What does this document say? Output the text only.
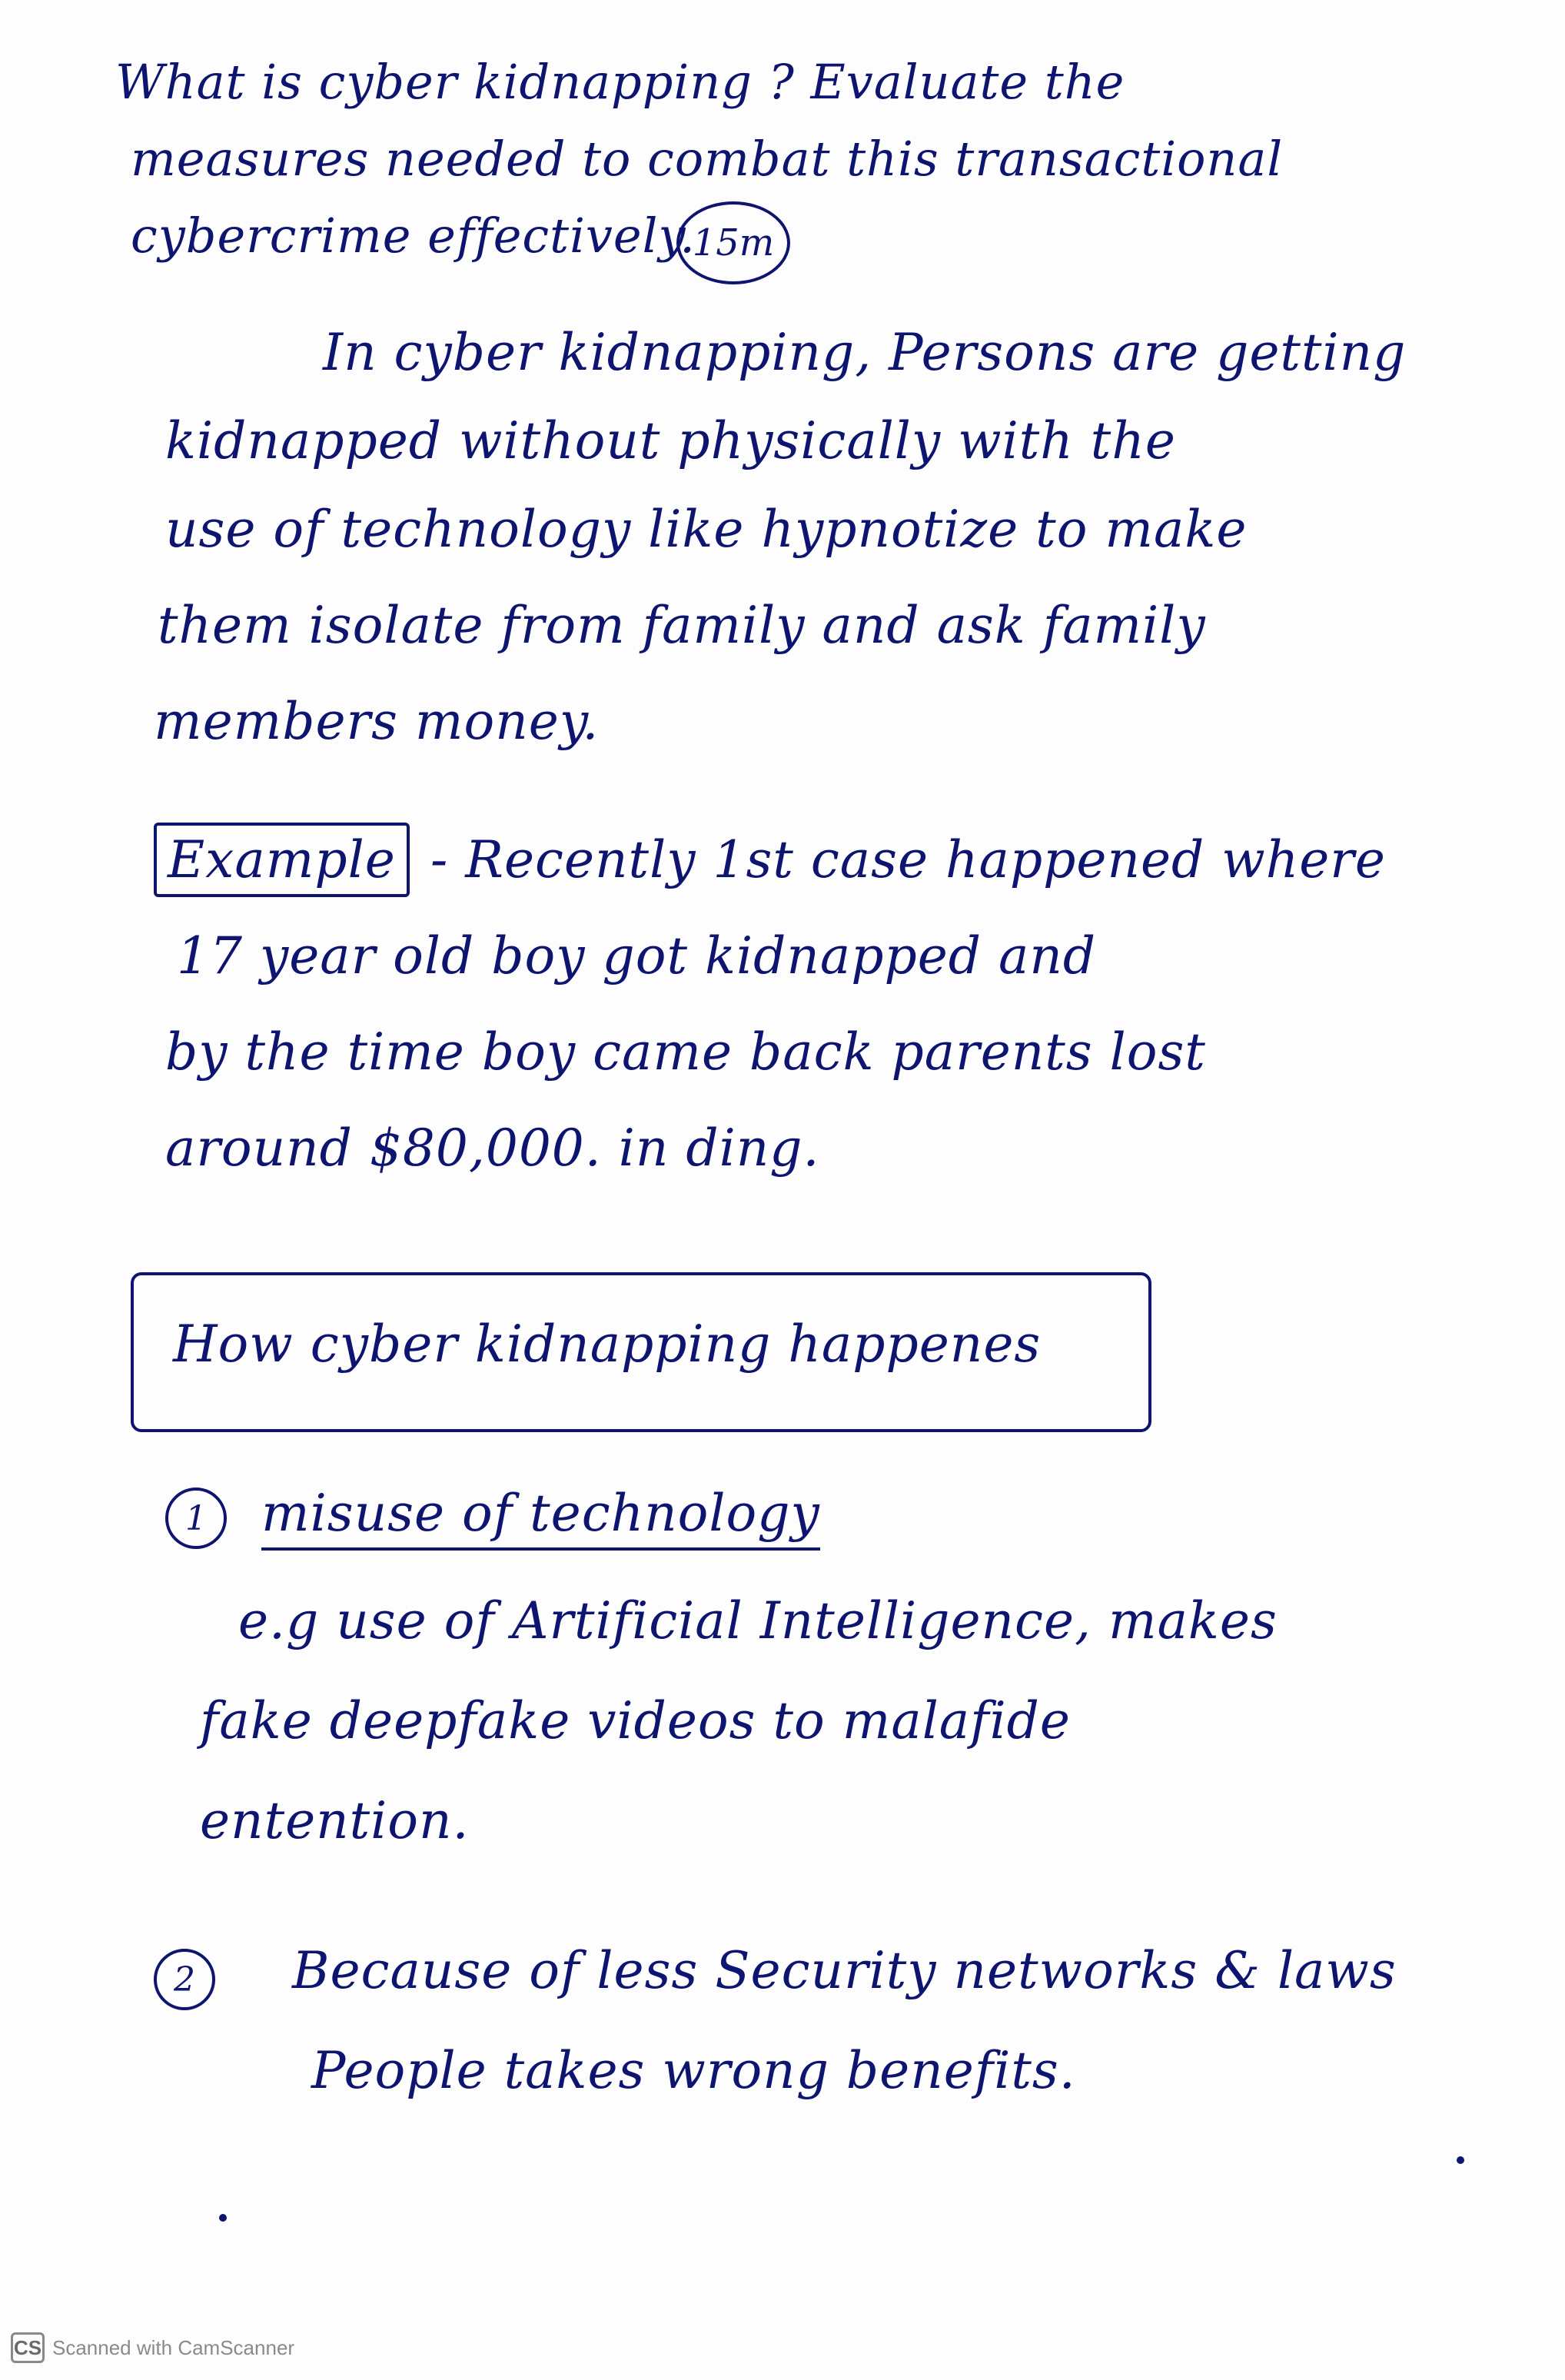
What is cyber kidnapping ? Evaluate the
measures needed to combat this transactional
cybercrime effectively.
15m
In cyber kidnapping, Persons are getting
kidnapped without physically with the
use of technology like hypnotize to make
them isolate from family and ask family
members money.
Example - Recently 1st case happened where
17 year old boy got kidnapped and
by the time boy came back parents lost
around $80,000. in ding.
How cyber kidnapping happenes
1	misuse of technology
e.g use of Artificial Intelligence, makes
fake deepfake videos to malafide
entention.
2	Because of less Security networks & laws
People takes wrong benefits.
CS Scanned with CamScanner
